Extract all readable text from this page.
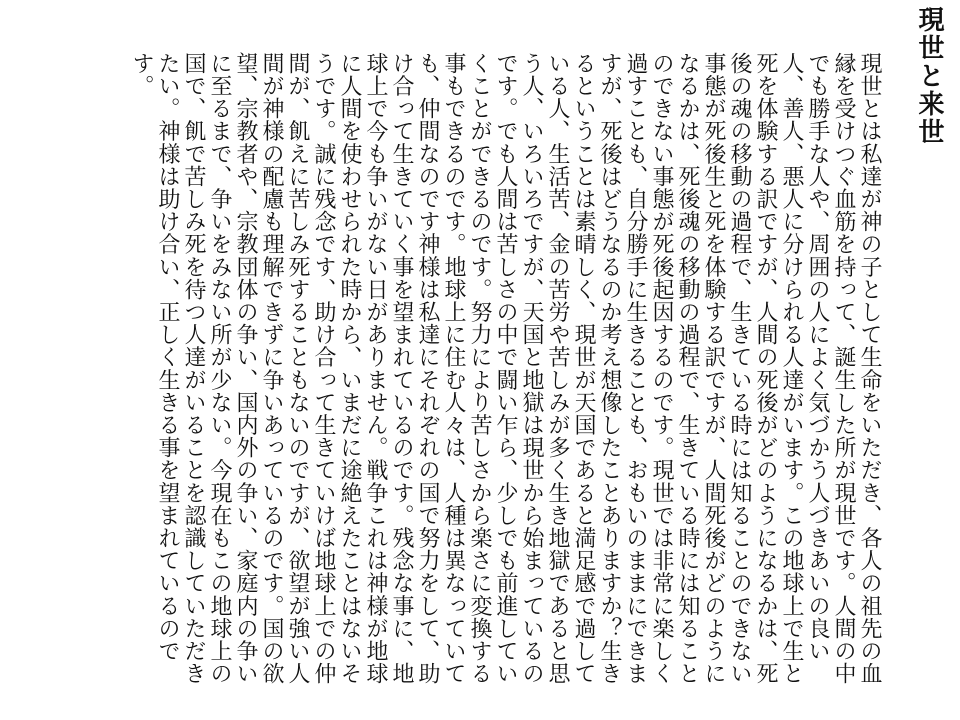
現世と来世
現世とは私達が神の子として生命をいただき、各人の祖先の血縁を受けつぐ血筋を持って、誕生した所が現世です。人間の中でも勝手な人や、周囲の人によく気づかう人づきあいの良い人、善人、悪人に分けられる人達がいます。この地球上で生と死を体験する訳ですが、人間の死後がどのようになるかは、死後の魂の移動の過程で、生きている時には知ることのできない事態が死後生と死を体験する訳ですが、人間死後がどのようになるかは、死後魂の移動の過程で、生きている時には知ることのできない事態が死後起因するのです。現世では非常に楽しく過すことも、自分勝手に生きることも、おもいのままにできますが、死後はどうなるのか考え想像したことありますか？生きるということは素晴しく、現世が天国であると満足感で過している人、生活苦、金の苦労や苦しみが多く生き地獄であると思う人、いろいろですが、天国と地獄は現世から始まっているのです。でも人間は苦しさの中で闘い乍ら、少しでも前進していくことができるのです。努力により苦しさから楽さに変換する事もできるのです。地球上に住む人々は、人種は異なっていても、仲間なのです神様は私達にそれぞれの国で努力をして、助け合って生きていく事を望まれているのです。残念な事に、地球上で今も争いがない日がありません。戦争これは神様が地球に人間を使わせられた時から、いまだに途絶えたことはないそうです。誠に残念です、助け合って生きていけば地球上での仲間が、飢えに苦しみ死することもないのですが、欲望が強い人間が神様の配慮も理解できずに争いあっているのです。国の欲望、宗教者や、宗教団体の争い、国内外の争い、家庭内の争いに至るまで、争いをみない所が少ない。今現在もこの地球上の国で、飢で苦しみ死を待つ人達がいることを認識していただきたい。神様は助け合い、正しく生きる事を望まれているのです。
